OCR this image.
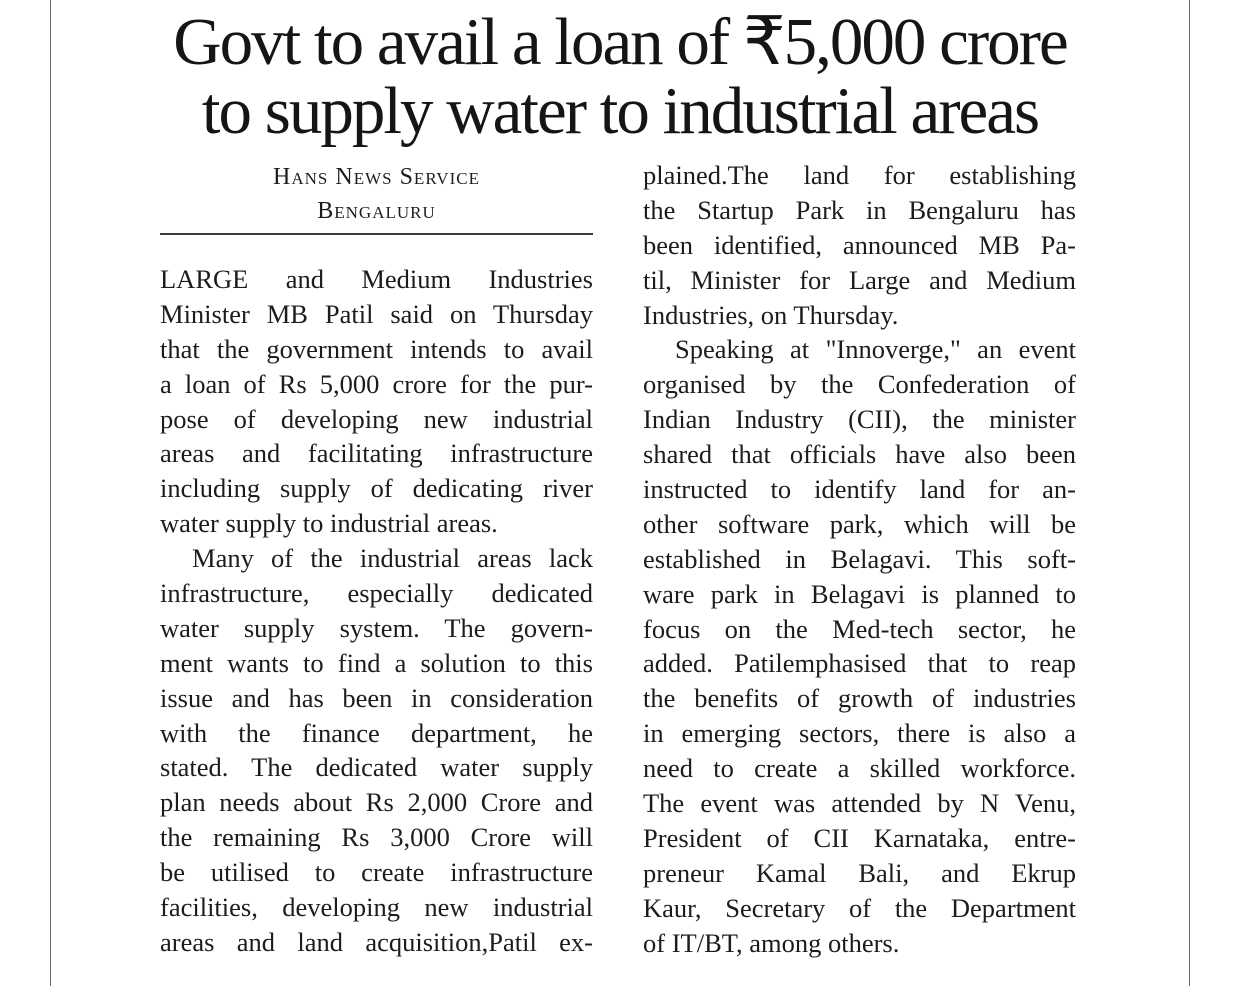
Govt to avail a loan of ₹5,000 crore
to supply water to industrial areas
Hans News Service
Bengaluru
LARGE and Medium Industries
Minister MB Patil said on Thursday
that the government intends to avail
a loan of Rs 5,000 crore for the pur-
pose of developing new industrial
areas and facilitating infrastructure
including supply of dedicating river
water supply to industrial areas.
Many of the industrial areas lack
infrastructure, especially dedicated
water supply system. The govern-
ment wants to find a solution to this
issue and has been in consideration
with the finance department, he
stated. The dedicated water supply
plan needs about Rs 2,000 Crore and
the remaining Rs 3,000 Crore will
be utilised to create infrastructure
facilities, developing new industrial
areas and land acquisition,Patil ex-
plained.The land for establishing
the Startup Park in Bengaluru has
been identified, announced MB Pa-
til, Minister for Large and Medium
Industries, on Thursday.
Speaking at "Innoverge," an event
organised by the Confederation of
Indian Industry (CII), the minister
shared that officials have also been
instructed to identify land for an-
other software park, which will be
established in Belagavi. This soft-
ware park in Belagavi is planned to
focus on the Med-tech sector, he
added. Patilemphasised that to reap
the benefits of growth of industries
in emerging sectors, there is also a
need to create a skilled workforce.
The event was attended by N Venu,
President of CII Karnataka, entre-
preneur Kamal Bali, and Ekrup
Kaur, Secretary of the Department
of IT/BT, among others.
